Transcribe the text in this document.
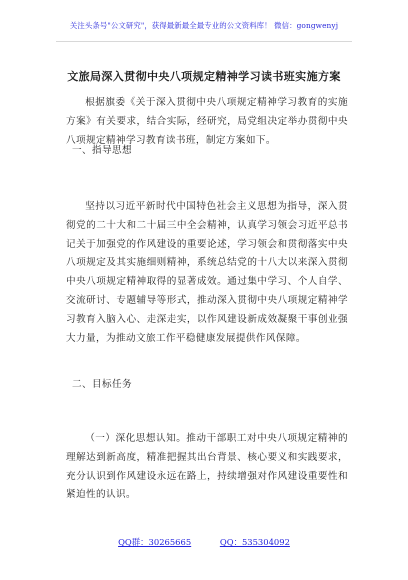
关注头条号"公文研究"，获得最新最全最专业的公文资料库！ 微信：gongwenyj
文旅局深入贯彻中央八项规定精神学习读书班实施方案
根据旗委《关于深入贯彻中央八项规定精神学习教育的实施方案》有关要求，结合实际，经研究，局党组决定举办贯彻中央八项规定精神学习教育读书班，制定方案如下。
一、指导思想
坚持以习近平新时代中国特色社会主义思想为指导，深入贯彻党的二十大和二十届三中全会精神，认真学习领会习近平总书记关于加强党的作风建设的重要论述，学习领会和贯彻落实中央八项规定及其实施细则精神，系统总结党的十八大以来深入贯彻中央八项规定精神取得的显著成效。通过集中学习、个人自学、交流研讨、专题辅导等形式，推动深入贯彻中央八项规定精神学习教育入脑入心、走深走实，以作风建设新成效凝聚干事创业强大力量，为推动文旅工作平稳健康发展提供作风保障。
二、目标任务
（一）深化思想认知。推动干部职工对中央八项规定精神的理解达到新高度，精准把握其出台背景、核心要义和实践要求，充分认识到作风建设永远在路上，持续增强对作风建设重要性和紧迫性的认识。
QQ群：30265665	QQ：535304092
